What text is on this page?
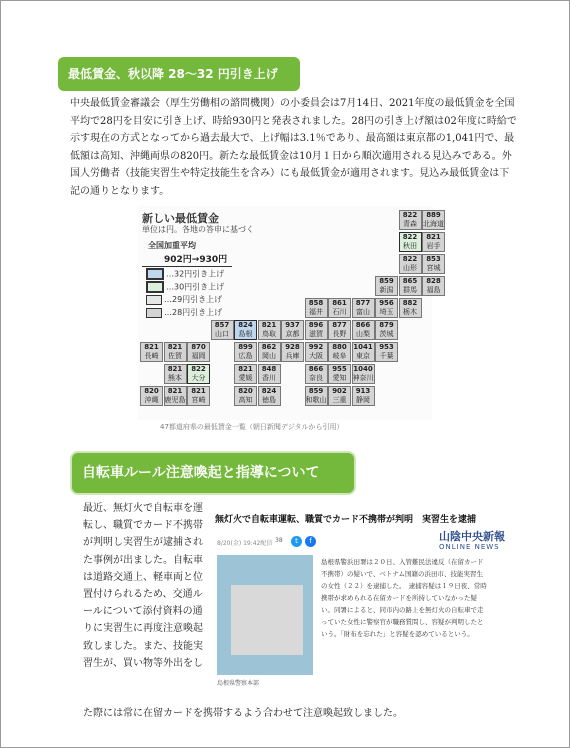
最低賃金、秋以降 28～32 円引き上げ
中央最低賃金審議会（厚生労働相の諮問機関）の小委員会は7月14日、2021年度の最低賃金を全国平均で28円を目安に引き上げ、時給930円と発表されました。28円の引き上げ額は02年度に時給で示す現在の方式となってから過去最大で、上げ幅は3.1％であり、最高額は東京都の1,041円で、最低額は高知、沖縄両県の820円。新たな最低賃金は10月１日から順次適用される見込みである。外国人労働者（技能実習生や特定技能生を含み）にも最低賃金が適用されます。見込み最低賃金は下記の通りとなります。
新しい最低賃金
単位は円。各地の答申に基づく
全国加重平均
902円→930円
…32円引き上げ
…30円引き上げ
…29円引き上げ
…28円引き上げ
889
北海道
822
青森
822
秋田
821
岩手
822
山形
853
宮城
859
新潟
865
群馬
828
福島
858
福井
861
石川
877
富山
956
埼玉
882
栃木
857
山口
824
島根
821
鳥取
937
京都
896
滋賀
877
長野
866
山梨
879
茨城
821
長崎
821
佐賀
870
福岡
899
広島
862
岡山
928
兵庫
992
大阪
880
岐阜
1041
東京
953
千葉
821
熊本
822
大分
821
愛媛
848
香川
866
奈良
955
愛知
1040
神奈川
820
沖縄
821
鹿児島
821
宮崎
820
高知
824
徳島
859
和歌山
902
三重
913
静岡
47都道府県の最低賃金一覧（朝日新聞デジタルから引用）
自転車ルール注意喚起と指導について
最近、無灯火で自転車を運転し、職質でカード不携帯が判明し実習生が逮捕された事例が出ました。自転車は道路交通上、軽車両と位置付けられるため、交通ルールについて添付資料の通りに実習生に再度注意喚起致しました。また、技能実習生が、買い物等外出をし
た際には常に在留カードを携帯するよう合わせて注意喚起致しました。
無灯火で自転車運転、職質でカード不携帯が判明　実習生を逮捕
8/20(金) 19:42配信 38	t	f	山陰中央新報
ONLINE NEWS
島根県警察本部
島根県警浜田署は２０日、入管難民法違反（在留カード不携帯）の疑いで、ベトナム国籍の浜田市、技能実習生の女性（２２）を逮捕した。　逮捕容疑は１９日夜、常時携帯が求められる在留カードを所持していなかった疑い。同署によると、同市内の路上を無灯火の自転車で走っていた女性に警察官が職務質問し、容疑が判明したという。「財布を忘れた」と容疑を認めているという。
